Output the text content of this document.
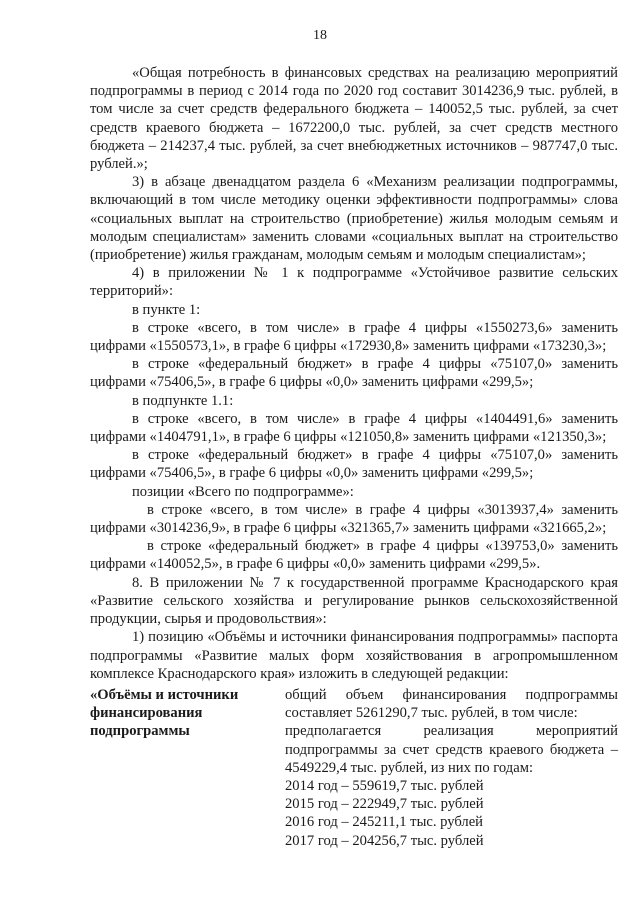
18

«Общая потребность в финансовых средствах на реализацию мероприятий подпрограммы в период с 2014 года по 2020 год составит 3014236,9 тыс. рублей, в том числе за счет средств федерального бюджета – 140052,5 тыс. рублей, за счет средств краевого бюджета – 1672200,0 тыс. рублей, за счет средств местного бюджета – 214237,4 тыс. рублей, за счет внебюджетных источников – 987747,0 тыс. рублей.»;

3) в абзаце двенадцатом раздела 6 «Механизм реализации подпрограммы, включающий в том числе методику оценки эффективности подпрограммы» слова «социальных выплат на строительство (приобретение) жилья молодым семьям и молодым специалистам» заменить словами «социальных выплат на строительство (приобретение) жилья гражданам, молодым семьям и молодым специалистам»;

4) в приложении № 1 к подпрограмме «Устойчивое развитие сельских территорий»:

в пункте 1:

в строке «всего, в том числе» в графе 4 цифры «1550273,6» заменить цифрами «1550573,1», в графе 6 цифры «172930,8» заменить цифрами «173230,3»;

в строке «федеральный бюджет» в графе 4 цифры «75107,0» заменить цифрами «75406,5», в графе 6 цифры «0,0» заменить цифрами «299,5»;

в подпункте 1.1:

в строке «всего, в том числе» в графе 4 цифры «1404491,6» заменить цифрами «1404791,1», в графе 6 цифры «121050,8» заменить цифрами «121350,3»;

в строке «федеральный бюджет» в графе 4 цифры «75107,0» заменить цифрами «75406,5», в графе 6 цифры «0,0» заменить цифрами «299,5»;

позиции «Всего по подпрограмме»:

в строке «всего, в том числе» в графе 4 цифры «3013937,4» заменить цифрами «3014236,9», в графе 6 цифры «321365,7» заменить цифрами «321665,2»;

в строке «федеральный бюджет» в графе 4 цифры «139753,0» заменить цифрами «140052,5», в графе 6 цифры «0,0» заменить цифрами «299,5».

8. В приложении № 7 к государственной программе Краснодарского края «Развитие сельского хозяйства и регулирование рынков сельскохозяйственной продукции, сырья и продовольствия»:

1) позицию «Объёмы и источники финансирования подпрограммы» паспорта подпрограммы «Развитие малых форм хозяйствования в агропромышленном комплексе Краснодарского края» изложить в следующей редакции:

«Объёмы и источники финансирования подпрограммы

общий объем финансирования подпрограммы составляет 5261290,7 тыс. рублей, в том числе:

предполагается реализация мероприятий подпрограммы за счет средств краевого бюджета – 4549229,4 тыс. рублей, из них по годам:

2014 год – 559619,7 тыс. рублей

2015 год – 222949,7 тыс. рублей

2016 год – 245211,1 тыс. рублей

2017 год – 204256,7 тыс. рублей
